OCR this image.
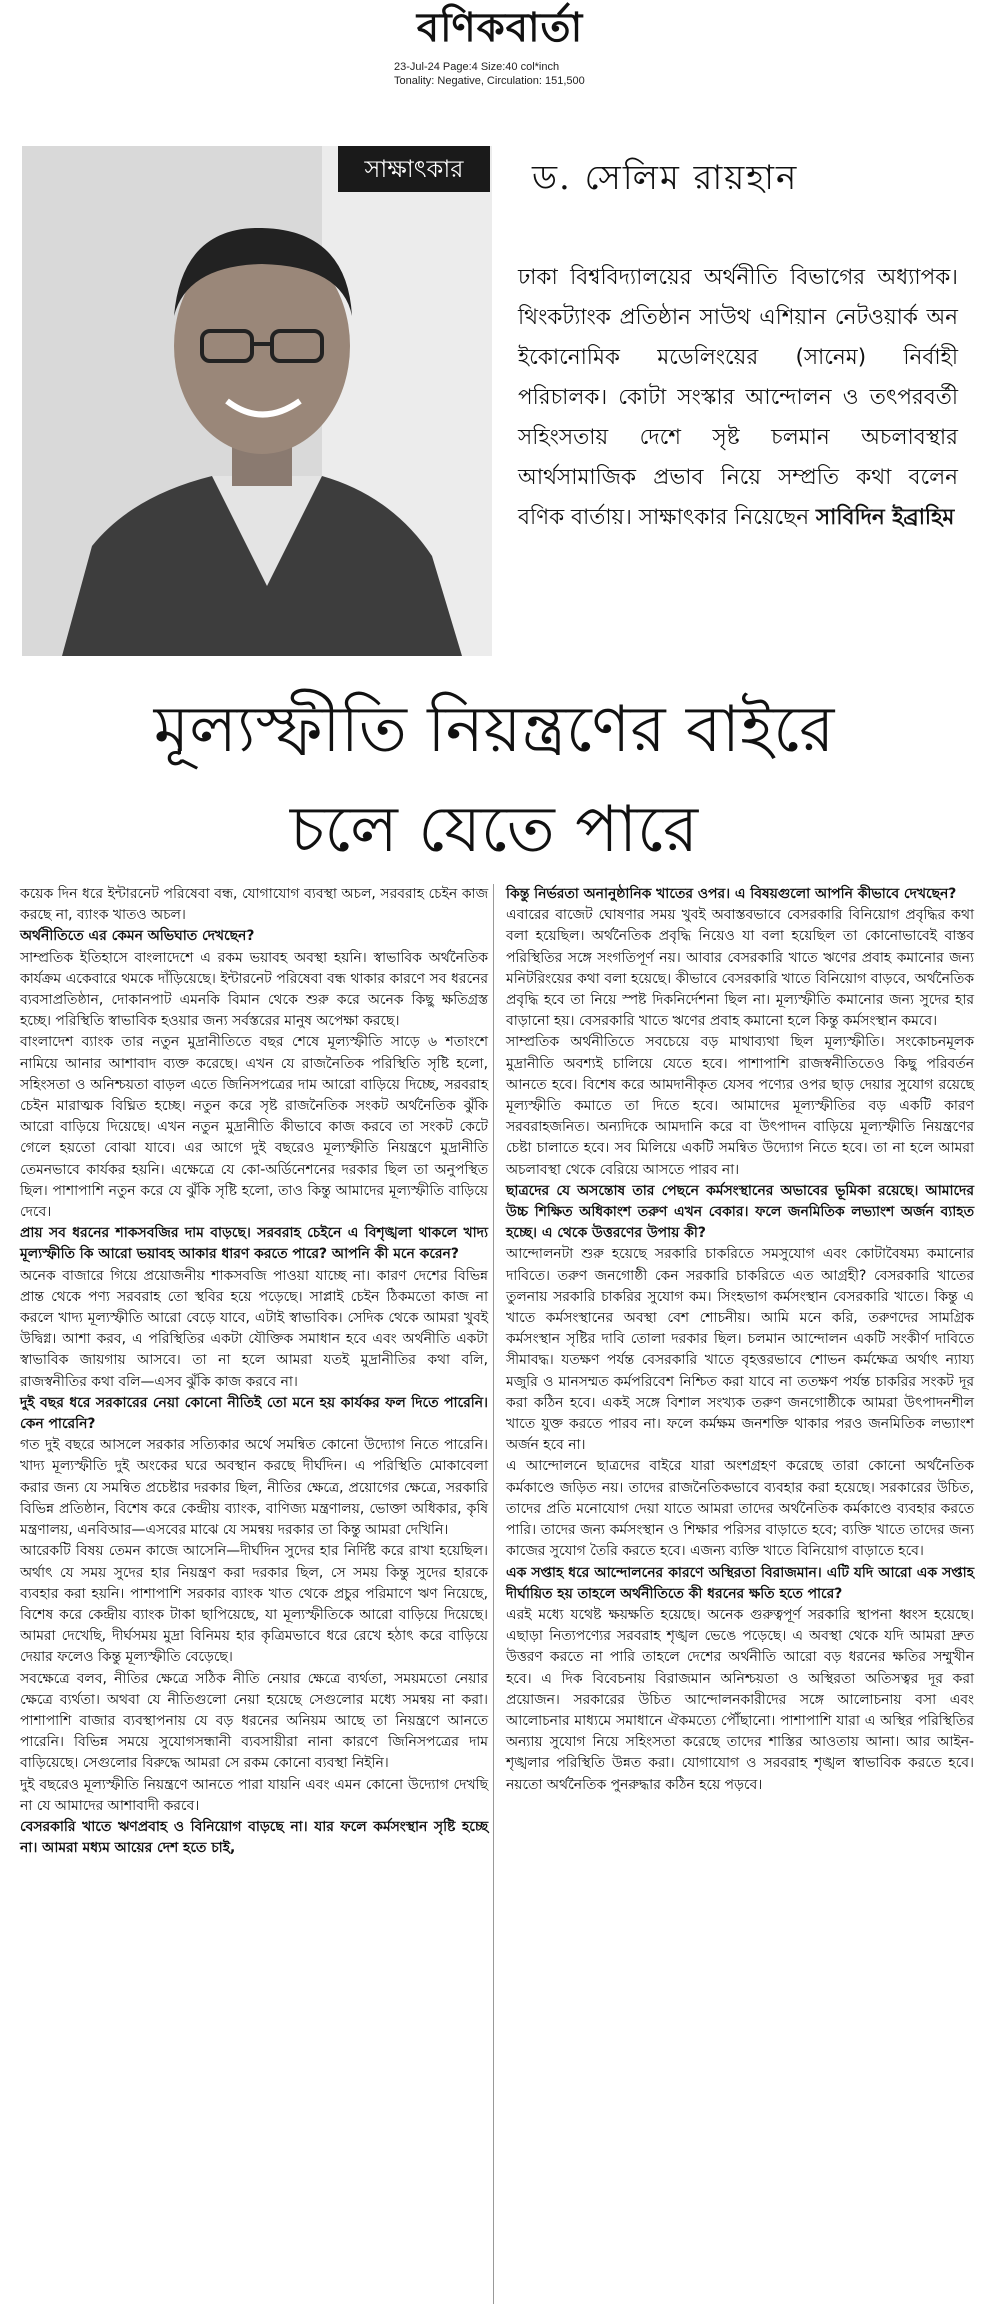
বণিকবার্তা
23-Jul-24 Page:4 Size:40 col*inch
Tonality: Negative, Circulation: 151,500
সাক্ষাৎকার	ড. সেলিম রায়হান
ঢাকা বিশ্ববিদ্যালয়ের অর্থনীতি বিভাগের অধ্যাপক। থিংকট্যাংক প্রতিষ্ঠান সাউথ এশিয়ান নেটওয়ার্ক অন ইকোনোমিক মডেলিংয়ের (সানেম) নির্বাহী পরিচালক। কোটা সংস্কার আন্দোলন ও তৎপরবর্তী সহিংসতায় দেশে সৃষ্ট চলমান অচলাবস্থার আর্থসামাজিক প্রভাব নিয়ে সম্প্রতি কথা বলেন বণিক বার্তায়। সাক্ষাৎকার নিয়েছেন সাবিদিন ইব্রাহিম
মূল্যস্ফীতি নিয়ন্ত্রণের বাইরে
চলে যেতে পারে

কয়েক দিন ধরে ইন্টারনেট পরিষেবা বন্ধ, যোগাযোগ ব্যবস্থা অচল, সরবরাহ চেইন কাজ করছে না, ব্যাংক খাতও অচল।

অর্থনীতিতে এর কেমন অভিঘাত দেখছেন?

সাম্প্রতিক ইতিহাসে বাংলাদেশে এ রকম ভয়াবহ অবস্থা হয়নি। স্বাভাবিক অর্থনৈতিক কার্যক্রম একেবারে থমকে দাঁড়িয়েছে। ইন্টারনেট পরিষেবা বন্ধ থাকার কারণে সব ধরনের ব্যবসাপ্রতিষ্ঠান, দোকানপাট এমনকি বিমান থেকে শুরু করে অনেক কিছু ক্ষতিগ্রস্ত হচ্ছে। পরিস্থিতি স্বাভাবিক হওয়ার জন্য সর্বস্তরের মানুষ অপেক্ষা করছে।

বাংলাদেশ ব্যাংক তার নতুন মুদ্রানীতিতে বছর শেষে মূল্যস্ফীতি সাড়ে ৬ শতাংশে নামিয়ে আনার আশাবাদ ব্যক্ত করেছে। এখন যে রাজনৈতিক পরিস্থিতি সৃষ্টি হলো, সহিংসতা ও অনিশ্চয়তা বাড়ল এতে জিনিসপত্রের দাম আরো বাড়িয়ে দিচ্ছে, সরবরাহ চেইন মারাত্মক বিঘ্নিত হচ্ছে। নতুন করে সৃষ্ট রাজনৈতিক সংকট অর্থনৈতিক ঝুঁকি আরো বাড়িয়ে দিয়েছে। এখন নতুন মুদ্রানীতি কীভাবে কাজ করবে তা সংকট কেটে গেলে হয়তো বোঝা যাবে। এর আগে দুই বছরেও মূল্যস্ফীতি নিয়ন্ত্রণে মুদ্রানীতি তেমনভাবে কার্যকর হয়নি। এক্ষেত্রে যে কো-অর্ডিনেশনের দরকার ছিল তা অনুপস্থিত ছিল। পাশাপাশি নতুন করে যে ঝুঁকি সৃষ্টি হলো, তাও কিন্তু আমাদের মূল্যস্ফীতি বাড়িয়ে দেবে।

প্রায় সব ধরনের শাকসবজির দাম বাড়ছে। সরবরাহ চেইনে এ বিশৃঙ্খলা থাকলে খাদ্য মূল্যস্ফীতি কি আরো ভয়াবহ আকার ধারণ করতে পারে? আপনি কী মনে করেন?

অনেক বাজারে গিয়ে প্রয়োজনীয় শাকসবজি পাওয়া যাচ্ছে না। কারণ দেশের বিভিন্ন প্রান্ত থেকে পণ্য সরবরাহ তো স্থবির হয়ে পড়েছে। সাপ্লাই চেইন ঠিকমতো কাজ না করলে খাদ্য মূল্যস্ফীতি আরো বেড়ে যাবে, এটাই স্বাভাবিক। সেদিক থেকে আমরা খুবই উদ্বিগ্ন। আশা করব, এ পরিস্থিতির একটা যৌক্তিক সমাধান হবে এবং অর্থনীতি একটা স্বাভাবিক জায়গায় আসবে। তা না হলে আমরা যতই মুদ্রানীতির কথা বলি, রাজস্বনীতির কথা বলি—এসব ঝুঁকি কাজ করবে না।

দুই বছর ধরে সরকারের নেয়া কোনো নীতিই তো মনে হয় কার্যকর ফল দিতে পারেনি। কেন পারেনি?

গত দুই বছরে আসলে সরকার সত্যিকার অর্থে সমন্বিত কোনো উদ্যোগ নিতে পারেনি। খাদ্য মূল্যস্ফীতি দুই অংকের ঘরে অবস্থান করছে দীর্ঘদিন। এ পরিস্থিতি মোকাবেলা করার জন্য যে সমন্বিত প্রচেষ্টার দরকার ছিল, নীতির ক্ষেত্রে, প্রয়োগের ক্ষেত্রে, সরকারি বিভিন্ন প্রতিষ্ঠান, বিশেষ করে কেন্দ্রীয় ব্যাংক, বাণিজ্য মন্ত্রণালয়, ভোক্তা অধিকার, কৃষি মন্ত্রণালয়, এনবিআর—এসবের মাঝে যে সমন্বয় দরকার তা কিন্তু আমরা দেখিনি।

আরেকটি বিষয় তেমন কাজে আসেনি—দীর্ঘদিন সুদের হার নির্দিষ্ট করে রাখা হয়েছিল। অর্থাৎ যে সময় সুদের হার নিয়ন্ত্রণ করা দরকার ছিল, সে সময় কিন্তু সুদের হারকে ব্যবহার করা হয়নি। পাশাপাশি সরকার ব্যাংক খাত থেকে প্রচুর পরিমাণে ঋণ নিয়েছে, বিশেষ করে কেন্দ্রীয় ব্যাংক টাকা ছাপিয়েছে, যা মূল্যস্ফীতিকে আরো বাড়িয়ে দিয়েছে। আমরা দেখেছি, দীর্ঘসময় মুদ্রা বিনিময় হার কৃত্রিমভাবে ধরে রেখে হঠাৎ করে বাড়িয়ে দেয়ার ফলেও কিন্তু মূল্যস্ফীতি বেড়েছে।

সবক্ষেত্রে বলব, নীতির ক্ষেত্রে সঠিক নীতি নেয়ার ক্ষেত্রে ব্যর্থতা, সময়মতো নেয়ার ক্ষেত্রে ব্যর্থতা। অথবা যে নীতিগুলো নেয়া হয়েছে সেগুলোর মধ্যে সমন্বয় না করা। পাশাপাশি বাজার ব্যবস্থাপনায় যে বড় ধরনের অনিয়ম আছে তা নিয়ন্ত্রণে আনতে পারেনি। বিভিন্ন সময়ে সুযোগসন্ধানী ব্যবসায়ীরা নানা কারণে জিনিসপত্রের দাম বাড়িয়েছে। সেগুলোর বিরুদ্ধে আমরা সে রকম কোনো ব্যবস্থা নিইনি।

দুই বছরেও মূল্যস্ফীতি নিয়ন্ত্রণে আনতে পারা যায়নি এবং এমন কোনো উদ্যোগ দেখছি না যে আমাদের আশাবাদী করবে।

বেসরকারি খাতে ঋণপ্রবাহ ও বিনিয়োগ বাড়ছে না। যার ফলে কর্মসংস্থান সৃষ্টি হচ্ছে না। আমরা মধ্যম আয়ের দেশ হতে চাই,

কিন্তু নির্ভরতা অনানুষ্ঠানিক খাতের ওপর। এ বিষয়গুলো আপনি কীভাবে দেখছেন?

এবারের বাজেট ঘোষণার সময় খুবই অবাস্তবভাবে বেসরকারি বিনিয়োগ প্রবৃদ্ধির কথা বলা হয়েছিল। অর্থনৈতিক প্রবৃদ্ধি নিয়েও যা বলা হয়েছিল তা কোনোভাবেই বাস্তব পরিস্থিতির সঙ্গে সংগতিপূর্ণ নয়। আবার বেসরকারি খাতে ঋণের প্রবাহ কমানোর জন্য মনিটরিংয়ের কথা বলা হয়েছে। কীভাবে বেসরকারি খাতে বিনিয়োগ বাড়বে, অর্থনৈতিক প্রবৃদ্ধি হবে তা নিয়ে স্পষ্ট দিকনির্দেশনা ছিল না। মূল্যস্ফীতি কমানোর জন্য সুদের হার বাড়ানো হয়। বেসরকারি খাতে ঋণের প্রবাহ কমানো হলে কিন্তু কর্মসংস্থান কমবে।

সাম্প্রতিক অর্থনীতিতে সবচেয়ে বড় মাথাব্যথা ছিল মূল্যস্ফীতি। সংকোচনমূলক মুদ্রানীতি অবশ্যই চালিয়ে যেতে হবে। পাশাপাশি রাজস্বনীতিতেও কিছু পরিবর্তন আনতে হবে। বিশেষ করে আমদানীকৃত যেসব পণ্যের ওপর ছাড় দেয়ার সুযোগ রয়েছে মূল্যস্ফীতি কমাতে তা দিতে হবে। আমাদের মূল্যস্ফীতির বড় একটি কারণ সরবরাহজনিত। অন্যদিকে আমদানি করে বা উৎপাদন বাড়িয়ে মূল্যস্ফীতি নিয়ন্ত্রণের চেষ্টা চালাতে হবে। সব মিলিয়ে একটি সমন্বিত উদ্যোগ নিতে হবে। তা না হলে আমরা অচলাবস্থা থেকে বেরিয়ে আসতে পারব না।

ছাত্রদের যে অসন্তোষ তার পেছনে কর্মসংস্থানের অভাবের ভূমিকা রয়েছে। আমাদের উচ্চ শিক্ষিত অধিকাংশ তরুণ এখন বেকার। ফলে জনমিতিক লভ্যাংশ অর্জন ব্যাহত হচ্ছে। এ থেকে উত্তরণের উপায় কী?

আন্দোলনটা শুরু হয়েছে সরকারি চাকরিতে সমসুযোগ এবং কোটাবৈষম্য কমানোর দাবিতে। তরুণ জনগোষ্ঠী কেন সরকারি চাকরিতে এত আগ্রহী? বেসরকারি খাতের তুলনায় সরকারি চাকরির সুযোগ কম। সিংহভাগ কর্মসংস্থান বেসরকারি খাতে। কিন্তু এ খাতে কর্মসংস্থানের অবস্থা বেশ শোচনীয়। আমি মনে করি, তরুণদের সামগ্রিক কর্মসংস্থান সৃষ্টির দাবি তোলা দরকার ছিল। চলমান আন্দোলন একটি সংকীর্ণ দাবিতে সীমাবদ্ধ। যতক্ষণ পর্যন্ত বেসরকারি খাতে বৃহত্তরভাবে শোভন কর্মক্ষেত্র অর্থাৎ ন্যায্য মজুরি ও মানসম্মত কর্মপরিবেশ নিশ্চিত করা যাবে না ততক্ষণ পর্যন্ত চাকরির সংকট দূর করা কঠিন হবে। একই সঙ্গে বিশাল সংখ্যক তরুণ জনগোষ্ঠীকে আমরা উৎপাদনশীল খাতে যুক্ত করতে পারব না। ফলে কর্মক্ষম জনশক্তি থাকার পরও জনমিতিক লভ্যাংশ অর্জন হবে না।

এ আন্দোলনে ছাত্রদের বাইরে যারা অংশগ্রহণ করেছে তারা কোনো অর্থনৈতিক কর্মকাণ্ডে জড়িত নয়। তাদের রাজনৈতিকভাবে ব্যবহার করা হয়েছে। সরকারের উচিত, তাদের প্রতি মনোযোগ দেয়া যাতে আমরা তাদের অর্থনৈতিক কর্মকাণ্ডে ব্যবহার করতে পারি। তাদের জন্য কর্মসংস্থান ও শিক্ষার পরিসর বাড়াতে হবে; ব্যক্তি খাতে তাদের জন্য কাজের সুযোগ তৈরি করতে হবে। এজন্য ব্যক্তি খাতে বিনিয়োগ বাড়াতে হবে।

এক সপ্তাহ ধরে আন্দোলনের কারণে অস্থিরতা বিরাজমান। এটি যদি আরো এক সপ্তাহ দীর্ঘায়িত হয় তাহলে অর্থনীতিতে কী ধরনের ক্ষতি হতে পারে?

এরই মধ্যে যথেষ্ট ক্ষয়ক্ষতি হয়েছে। অনেক গুরুত্বপূর্ণ সরকারি স্থাপনা ধ্বংস হয়েছে। এছাড়া নিত্যপণ্যের সরবরাহ শৃঙ্খল ভেঙে পড়েছে। এ অবস্থা থেকে যদি আমরা দ্রুত উত্তরণ করতে না পারি তাহলে দেশের অর্থনীতি আরো বড় ধরনের ক্ষতির সম্মুখীন হবে। এ দিক বিবেচনায় বিরাজমান অনিশ্চয়তা ও অস্থিরতা অতিসত্বর দূর করা প্রয়োজন। সরকারের উচিত আন্দোলনকারীদের সঙ্গে আলোচনায় বসা এবং আলোচনার মাধ্যমে সমাধানে ঐকমত্যে পৌঁছানো। পাশাপাশি যারা এ অস্থির পরিস্থিতির অন্যায় সুযোগ নিয়ে সহিংসতা করেছে তাদের শাস্তির আওতায় আনা। আর আইন-শৃঙ্খলার পরিস্থিতি উন্নত করা। যোগাযোগ ও সরবরাহ শৃঙ্খল স্বাভাবিক করতে হবে। নয়তো অর্থনৈতিক পুনরুদ্ধার কঠিন হয়ে পড়বে।
